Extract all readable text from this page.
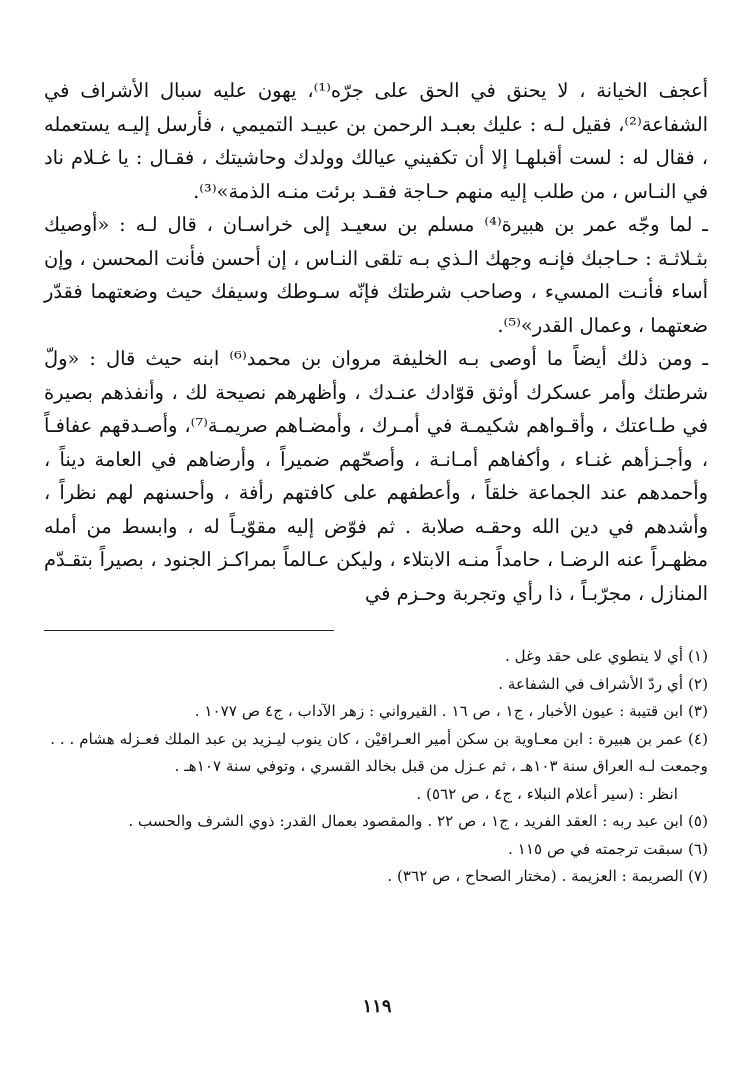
أعجف الخيانة ، لا يحنق في الحق على جرّه⁽¹⁾، يهون عليه سبال الأشراف في الشفاعة⁽²⁾، فقيل لـه : عليك بعبـد الرحمن بن عبيـد التميمي ، فأرسل إليـه يستعمله ، فقال له : لست أقبلهـا إلا أن تكفيني عيالك وولدك وحاشيتك ، فقـال : يا غـلام ناد في النـاس ، من طلب إليه منهم حـاجة فقـد برئت منـه الذمة»⁽³⁾.

ـ لما وجّه عمر بن هبيرة⁽⁴⁾ مسلم بن سعيـد إلى خراسـان ، قال لـه : «أوصيك بثـلاثـة : حـاجبك فإنـه وجهك الـذي بـه تلقى النـاس ، إن أحسن فأنت المحسن ، وإن أساء فأنـت المسيء ، وصاحب شرطتك فإنّه سـوطك وسيفك حيث وضعتهما فقدّر ضعتهما ، وعمال القدر»⁽⁵⁾.

ـ ومن ذلك أيضاً ما أوصى بـه الخليفة مروان بن محمد⁽⁶⁾ ابنه حيث قال : «ولّ شرطتك وأمر عسكرك أوثق قوّادك عنـدك ، وأظهرهم نصيحة لك ، وأنفذهم بصيرة في طـاعتك ، وأقـواهم شكيمـة في أمـرك ، وأمضـاهم صريمـة⁽⁷⁾، وأصـدقهم عفافـاً ، وأجـزأهم غنـاء ، وأكفاهم أمـانـة ، وأصحّهم ضميراً ، وأرضاهم في العامة ديناً ، وأحمدهم عند الجماعة خلقاً ، وأعطفهم على كافتهم رأفة ، وأحسنهم لهم نظراً ، وأشدهم في دين الله وحقـه صلابة . ثم فوّض إليه مقوّيـاً له ، وابسط من أمله مظهـراً عنه الرضـا ، حامداً منـه الابتلاء ، وليكن عـالماً بمراكـز الجنود ، بصيراً بتقـدّم المنازل ، مجرّبـاً ، ذا رأي وتجربة وحـزم في

(١) أي لا ينطوي على حقد وغل .

(٢) أي ردّ الأشراف في الشفاعة .

(٣) ابن قتيبة : عيون الأخبار ، ج١ ، ص ١٦ . القيرواني : زهر الآداب ، ج٤ ص ١٠٧٧ .

(٤) عمر بن هبيرة : ابن معـاوية بن سكن أمير العـراقيْن ، كان ينوب ليـزيد بن عبد الملك فعـزله هشام . . . وجمعت لـه العراق سنة ١٠٣هـ ، ثم عـزل من قبل بخالد القسري ، وتوفي سنة ١٠٧هـ .

انظر : (سير أعلام النبلاء ، ج٤ ، ص ٥٦٢) .

(٥) ابن عبد ربه : العقد الفريد ، ج١ ، ص ٢٢ . والمقصود بعمال القدر: ذوي الشرف والحسب .

(٦) سبقت ترجمته في ص ١١٥ .

(٧) الصريمة : العزيمة . (مختار الصحاح ، ص ٣٦٢) .

١١٩
